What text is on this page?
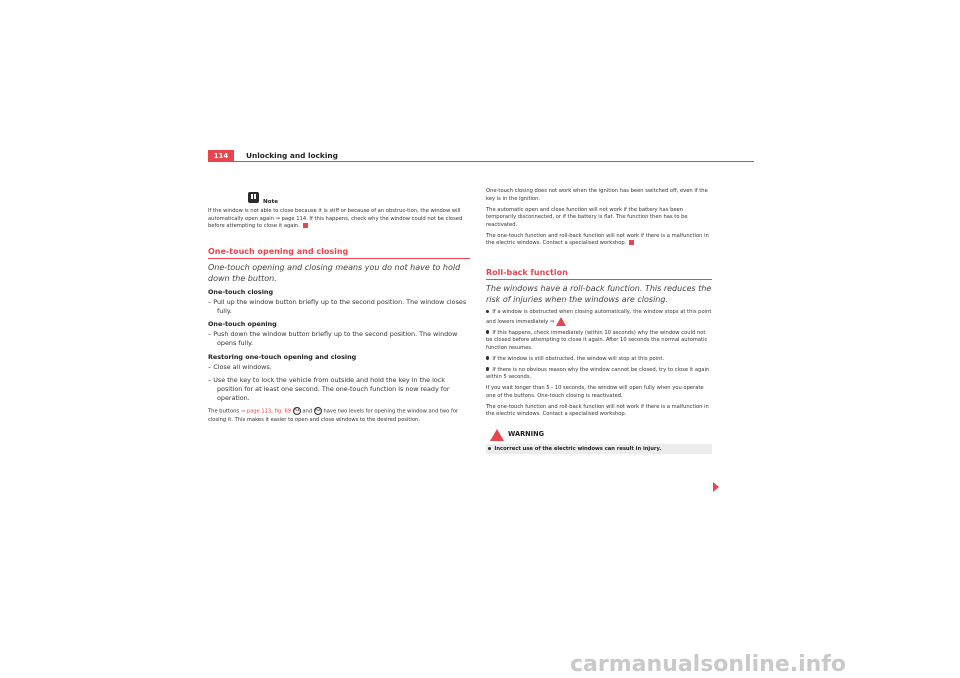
114	Unlocking and locking
Note

If the window is not able to close because it is stiff or because of an obstruc-tion, the window will automatically open again ⇒ page 114. If this happens, check why the window could not be closed before attempting to close it again.

One-touch opening and closing
One-touch opening and closing means you do not have to hold down the button.
One-touch closing
– Pull up the window button briefly up to the second position. The window closes fully.
One-touch opening
– Push down the window button briefly up to the second position. The window opens fully.
Restoring one-touch opening and closing
– Close all windows.
– Use the key to lock the vehicle from outside and hold the key in the lock position for at least one second. The one-touch function is now ready for operation.

The buttons ⇒ page 113, fig. 69 A1 and A2 have two levels for opening the window and two for closing it. This makes it easier to open and close windows to the desired position.

One-touch closing does not work when the ignition has been switched off, even if the key is in the ignition.

The automatic open and close function will not work if the battery has been temporarily disconnected, or if the battery is flat. The function then has to be reactivated.

The one-touch function and roll-back function will not work if there is a malfunction in the electric windows. Contact a specialised workshop.

Roll-back function
The windows have a roll-back function. This reduces the risk of injuries when the windows are closing.

If a window is obstructed when closing automatically, the window stops at this point and lowers immediately ⇒ .

If this happens, check immediately (within 10 seconds) why the window could not be closed before attempting to close it again. After 10 seconds the normal automatic function resumes.

If the window is still obstructed, the window will stop at this point.

If there is no obvious reason why the window cannot be closed, try to close it again within 5 seconds.

If you wait longer than 5 - 10 seconds, the window will open fully when you operate one of the buttons. One-touch closing is reactivated.

The one-touch function and roll-back function will not work if there is a malfunction in the electric windows. Contact a specialised workshop.

WARNING
Incorrect use of the electric windows can result in injury.
carmanualsonline.info
